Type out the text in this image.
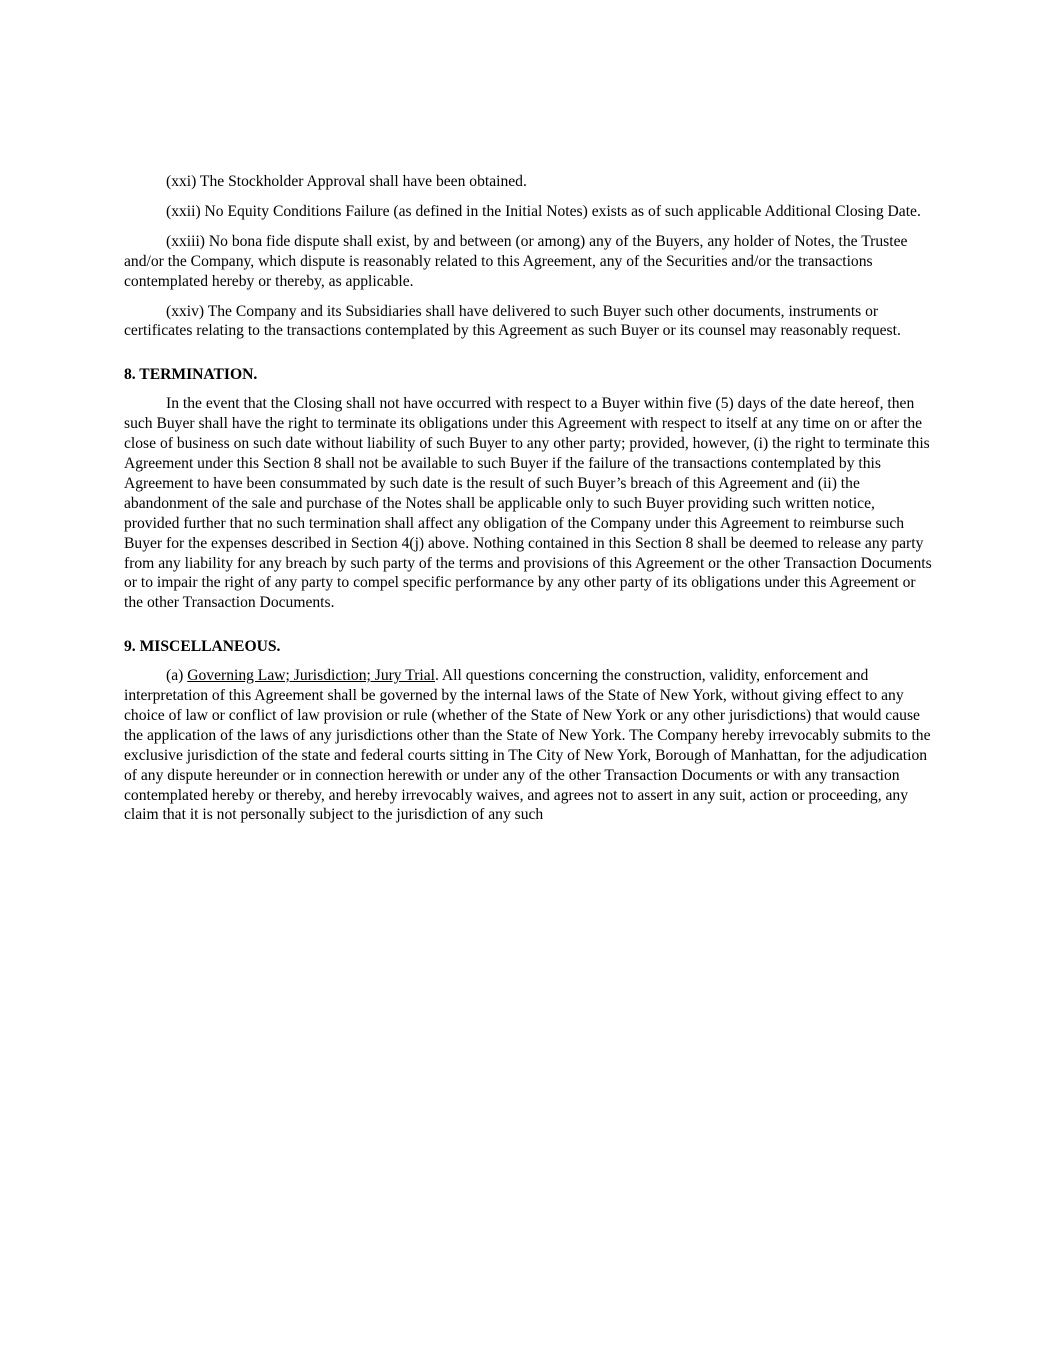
(xxi) The Stockholder Approval shall have been obtained.

(xxii) No Equity Conditions Failure (as defined in the Initial Notes) exists as of such applicable Additional Closing Date.

(xxiii) No bona fide dispute shall exist, by and between (or among) any of the Buyers, any holder of Notes, the Trustee and/or the Company, which dispute is reasonably related to this Agreement, any of the Securities and/or the transactions contemplated hereby or thereby, as applicable.

(xxiv) The Company and its Subsidiaries shall have delivered to such Buyer such other documents, instruments or certificates relating to the transactions contemplated by this Agreement as such Buyer or its counsel may reasonably request.

8. TERMINATION.

In the event that the Closing shall not have occurred with respect to a Buyer within five (5) days of the date hereof, then such Buyer shall have the right to terminate its obligations under this Agreement with respect to itself at any time on or after the close of business on such date without liability of such Buyer to any other party; provided, however, (i) the right to terminate this Agreement under this Section 8 shall not be available to such Buyer if the failure of the transactions contemplated by this Agreement to have been consummated by such date is the result of such Buyer’s breach of this Agreement and (ii) the abandonment of the sale and purchase of the Notes shall be applicable only to such Buyer providing such written notice, provided further that no such termination shall affect any obligation of the Company under this Agreement to reimburse such Buyer for the expenses described in Section 4(j) above. Nothing contained in this Section 8 shall be deemed to release any party from any liability for any breach by such party of the terms and provisions of this Agreement or the other Transaction Documents or to impair the right of any party to compel specific performance by any other party of its obligations under this Agreement or the other Transaction Documents.

9. MISCELLANEOUS.

(a) Governing Law; Jurisdiction; Jury Trial. All questions concerning the construction, validity, enforcement and interpretation of this Agreement shall be governed by the internal laws of the State of New York, without giving effect to any choice of law or conflict of law provision or rule (whether of the State of New York or any other jurisdictions) that would cause the application of the laws of any jurisdictions other than the State of New York. The Company hereby irrevocably submits to the exclusive jurisdiction of the state and federal courts sitting in The City of New York, Borough of Manhattan, for the adjudication of any dispute hereunder or in connection herewith or under any of the other Transaction Documents or with any transaction contemplated hereby or thereby, and hereby irrevocably waives, and agrees not to assert in any suit, action or proceeding, any claim that it is not personally subject to the jurisdiction of any such
